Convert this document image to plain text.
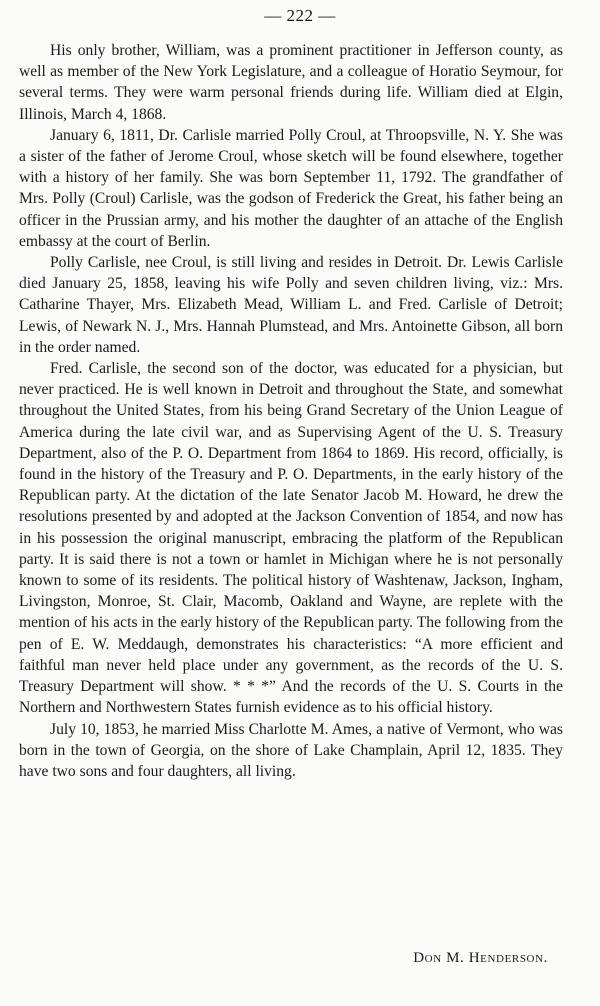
— 222 —

His only brother, William, was a prominent practitioner in Jefferson county, as well as member of the New York Legislature, and a colleague of Horatio Seymour, for several terms. They were warm personal friends during life. William died at Elgin, Illinois, March 4, 1868.

January 6, 1811, Dr. Carlisle married Polly Croul, at Throopsville, N. Y. She was a sister of the father of Jerome Croul, whose sketch will be found elsewhere, together with a history of her family. She was born September 11, 1792. The grandfather of Mrs. Polly (Croul) Carlisle, was the godson of Frederick the Great, his father being an officer in the Prussian army, and his mother the daughter of an attache of the English embassy at the court of Berlin.

Polly Carlisle, nee Croul, is still living and resides in Detroit. Dr. Lewis Carlisle died January 25, 1858, leaving his wife Polly and seven children living, viz.: Mrs. Catharine Thayer, Mrs. Elizabeth Mead, William L. and Fred. Carlisle of Detroit; Lewis, of Newark N. J., Mrs. Hannah Plumstead, and Mrs. Antoinette Gibson, all born in the order named.

Fred. Carlisle, the second son of the doctor, was educated for a physician, but never practiced. He is well known in Detroit and throughout the State, and somewhat throughout the United States, from his being Grand Secretary of the Union League of America during the late civil war, and as Supervising Agent of the U. S. Treasury Department, also of the P. O. Department from 1864 to 1869. His record, officially, is found in the history of the Treasury and P. O. Departments, in the early history of the Republican party. At the dictation of the late Senator Jacob M. Howard, he drew the resolutions presented by and adopted at the Jackson Convention of 1854, and now has in his possession the original manuscript, embracing the platform of the Republican party. It is said there is not a town or hamlet in Michigan where he is not personally known to some of its residents. The political history of Washtenaw, Jackson, Ingham, Livingston, Monroe, St. Clair, Macomb, Oakland and Wayne, are replete with the mention of his acts in the early history of the Republican party. The following from the pen of E. W. Meddaugh, demonstrates his characteristics: “A more efficient and faithful man never held place under any government, as the records of the U. S. Treasury Department will show. * * *” And the records of the U. S. Courts in the Northern and Northwestern States furnish evidence as to his official history.

July 10, 1853, he married Miss Charlotte M. Ames, a native of Vermont, who was born in the town of Georgia, on the shore of Lake Champlain, April 12, 1835. They have two sons and four daughters, all living.

Don M. Henderson.
